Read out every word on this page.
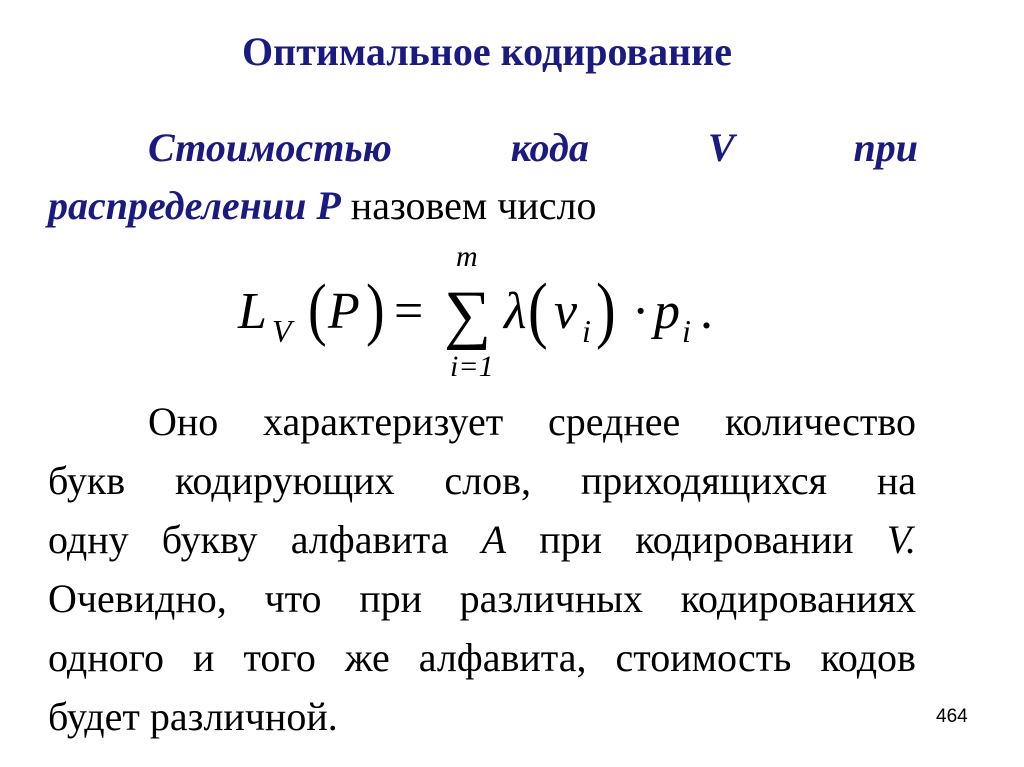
Оптимальное кодирование
Стоимостью	кода	V	при
распределении P назовем число
L V ( P ) =
m
∑
i=1
λ ( v i ) · p i .
Оно характеризует среднее количество
букв кодирующих слов, приходящихся на
одну букву алфавита A при кодировании V.
Очевидно, что при различных кодированиях
одного и того же алфавита, стоимость кодов
будет различной.	464
